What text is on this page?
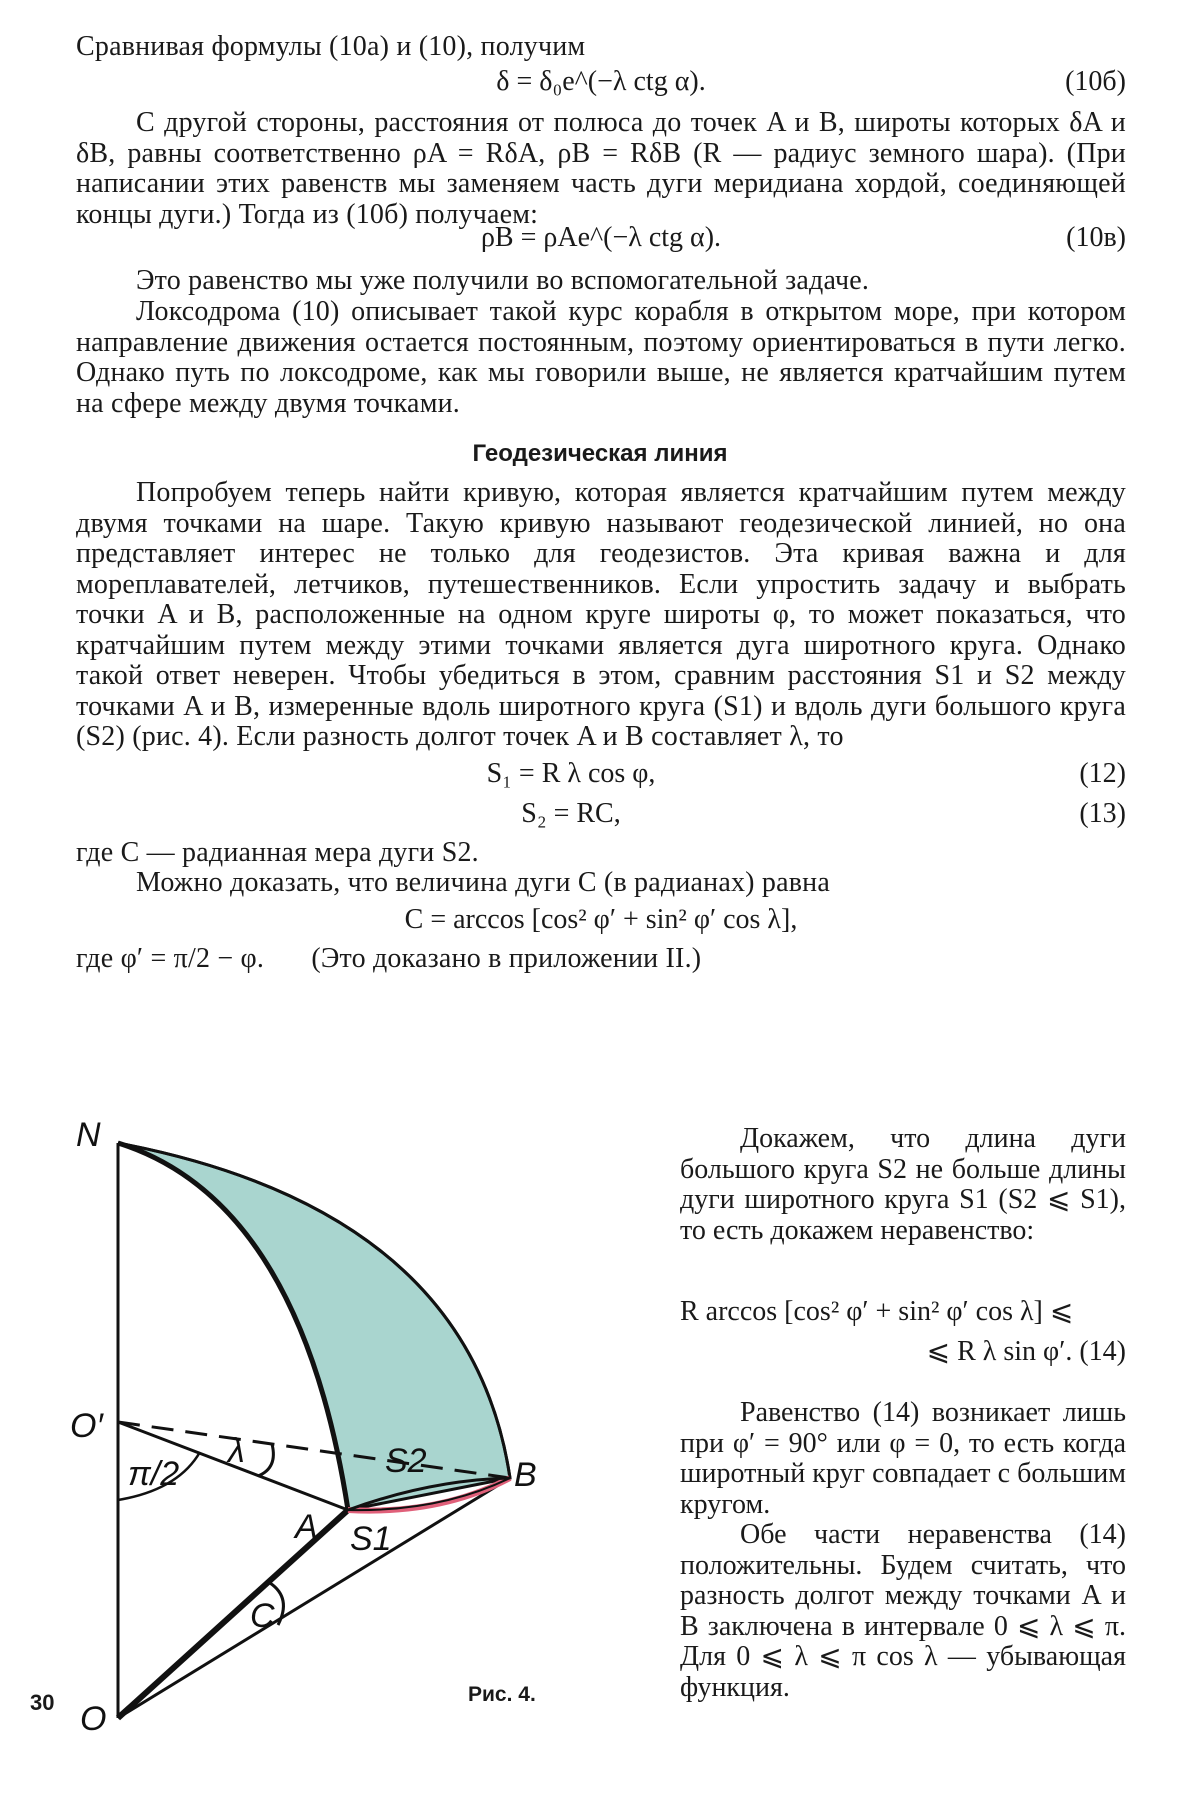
Сравнивая формулы (10а) и (10), получим

δ = δ₀e^(−λ ctg α).	(10б)

С другой стороны, расстояния от полюса до точек A и B, широты которых δA и δB, равны соответственно ρA = RδA, ρB = RδB (R — радиус земного шара). (При написании этих равенств мы заменяем часть дуги меридиана хордой, соединяющей концы дуги.) Тогда из (10б) получаем:

ρB = ρAe^(−λ ctg α).	(10в)

Это равенство мы уже получили во вспомогательной задаче.

Локсодрома (10) описывает такой курс корабля в открытом море, при котором направление движения остается постоянным, поэтому ориентироваться в пути легко. Однако путь по локсодроме, как мы говорили выше, не является кратчайшим путем на сфере между двумя точками.

Геодезическая линия

Попробуем теперь найти кривую, которая является кратчайшим путем между двумя точками на шаре. Такую кривую называют геодезической линией, но она представляет интерес не только для геодезистов. Эта кривая важна и для мореплавателей, летчиков, путешественников. Если упростить задачу и выбрать точки A и B, расположенные на одном круге широты φ, то может показаться, что кратчайшим путем между этими точками является дуга широтного круга. Однако такой ответ неверен. Чтобы убедиться в этом, сравним расстояния S1 и S2 между точками A и B, измеренные вдоль широтного круга (S1) и вдоль дуги большого круга (S2) (рис. 4). Если разность долгот точек A и B составляет λ, то

S₁ = R λ cos φ,	(12)
S₂ = RC,	(13)

где C — радианная мера дуги S2.

Можно доказать, что величина дуги C (в радианах) равна

C = arccos [cos² φ′ + sin² φ′ cos λ],
где φ′ = π/2 − φ. (Это доказано в приложении II.)
N
O′
O
A
B
S1
S2
λ
C
π/2
Рис. 4.
30

Докажем, что длина дуги большого круга S2 не больше длины дуги широтного круга S1 (S2 ⩽ S1), то есть докажем неравенство:

R arccos [cos² φ′ + sin² φ′ cos λ] ⩽
⩽ R λ sin φ′. (14)

Равенство (14) возникает лишь при φ′ = 90° или φ = 0, то есть когда широтный круг совпадает с большим кругом.

Обе части неравенства (14) положительны. Будем считать, что разность долгот между точками A и B заключена в интервале 0 ⩽ λ ⩽ π. Для 0 ⩽ λ ⩽ π cos λ — убывающая функция.
